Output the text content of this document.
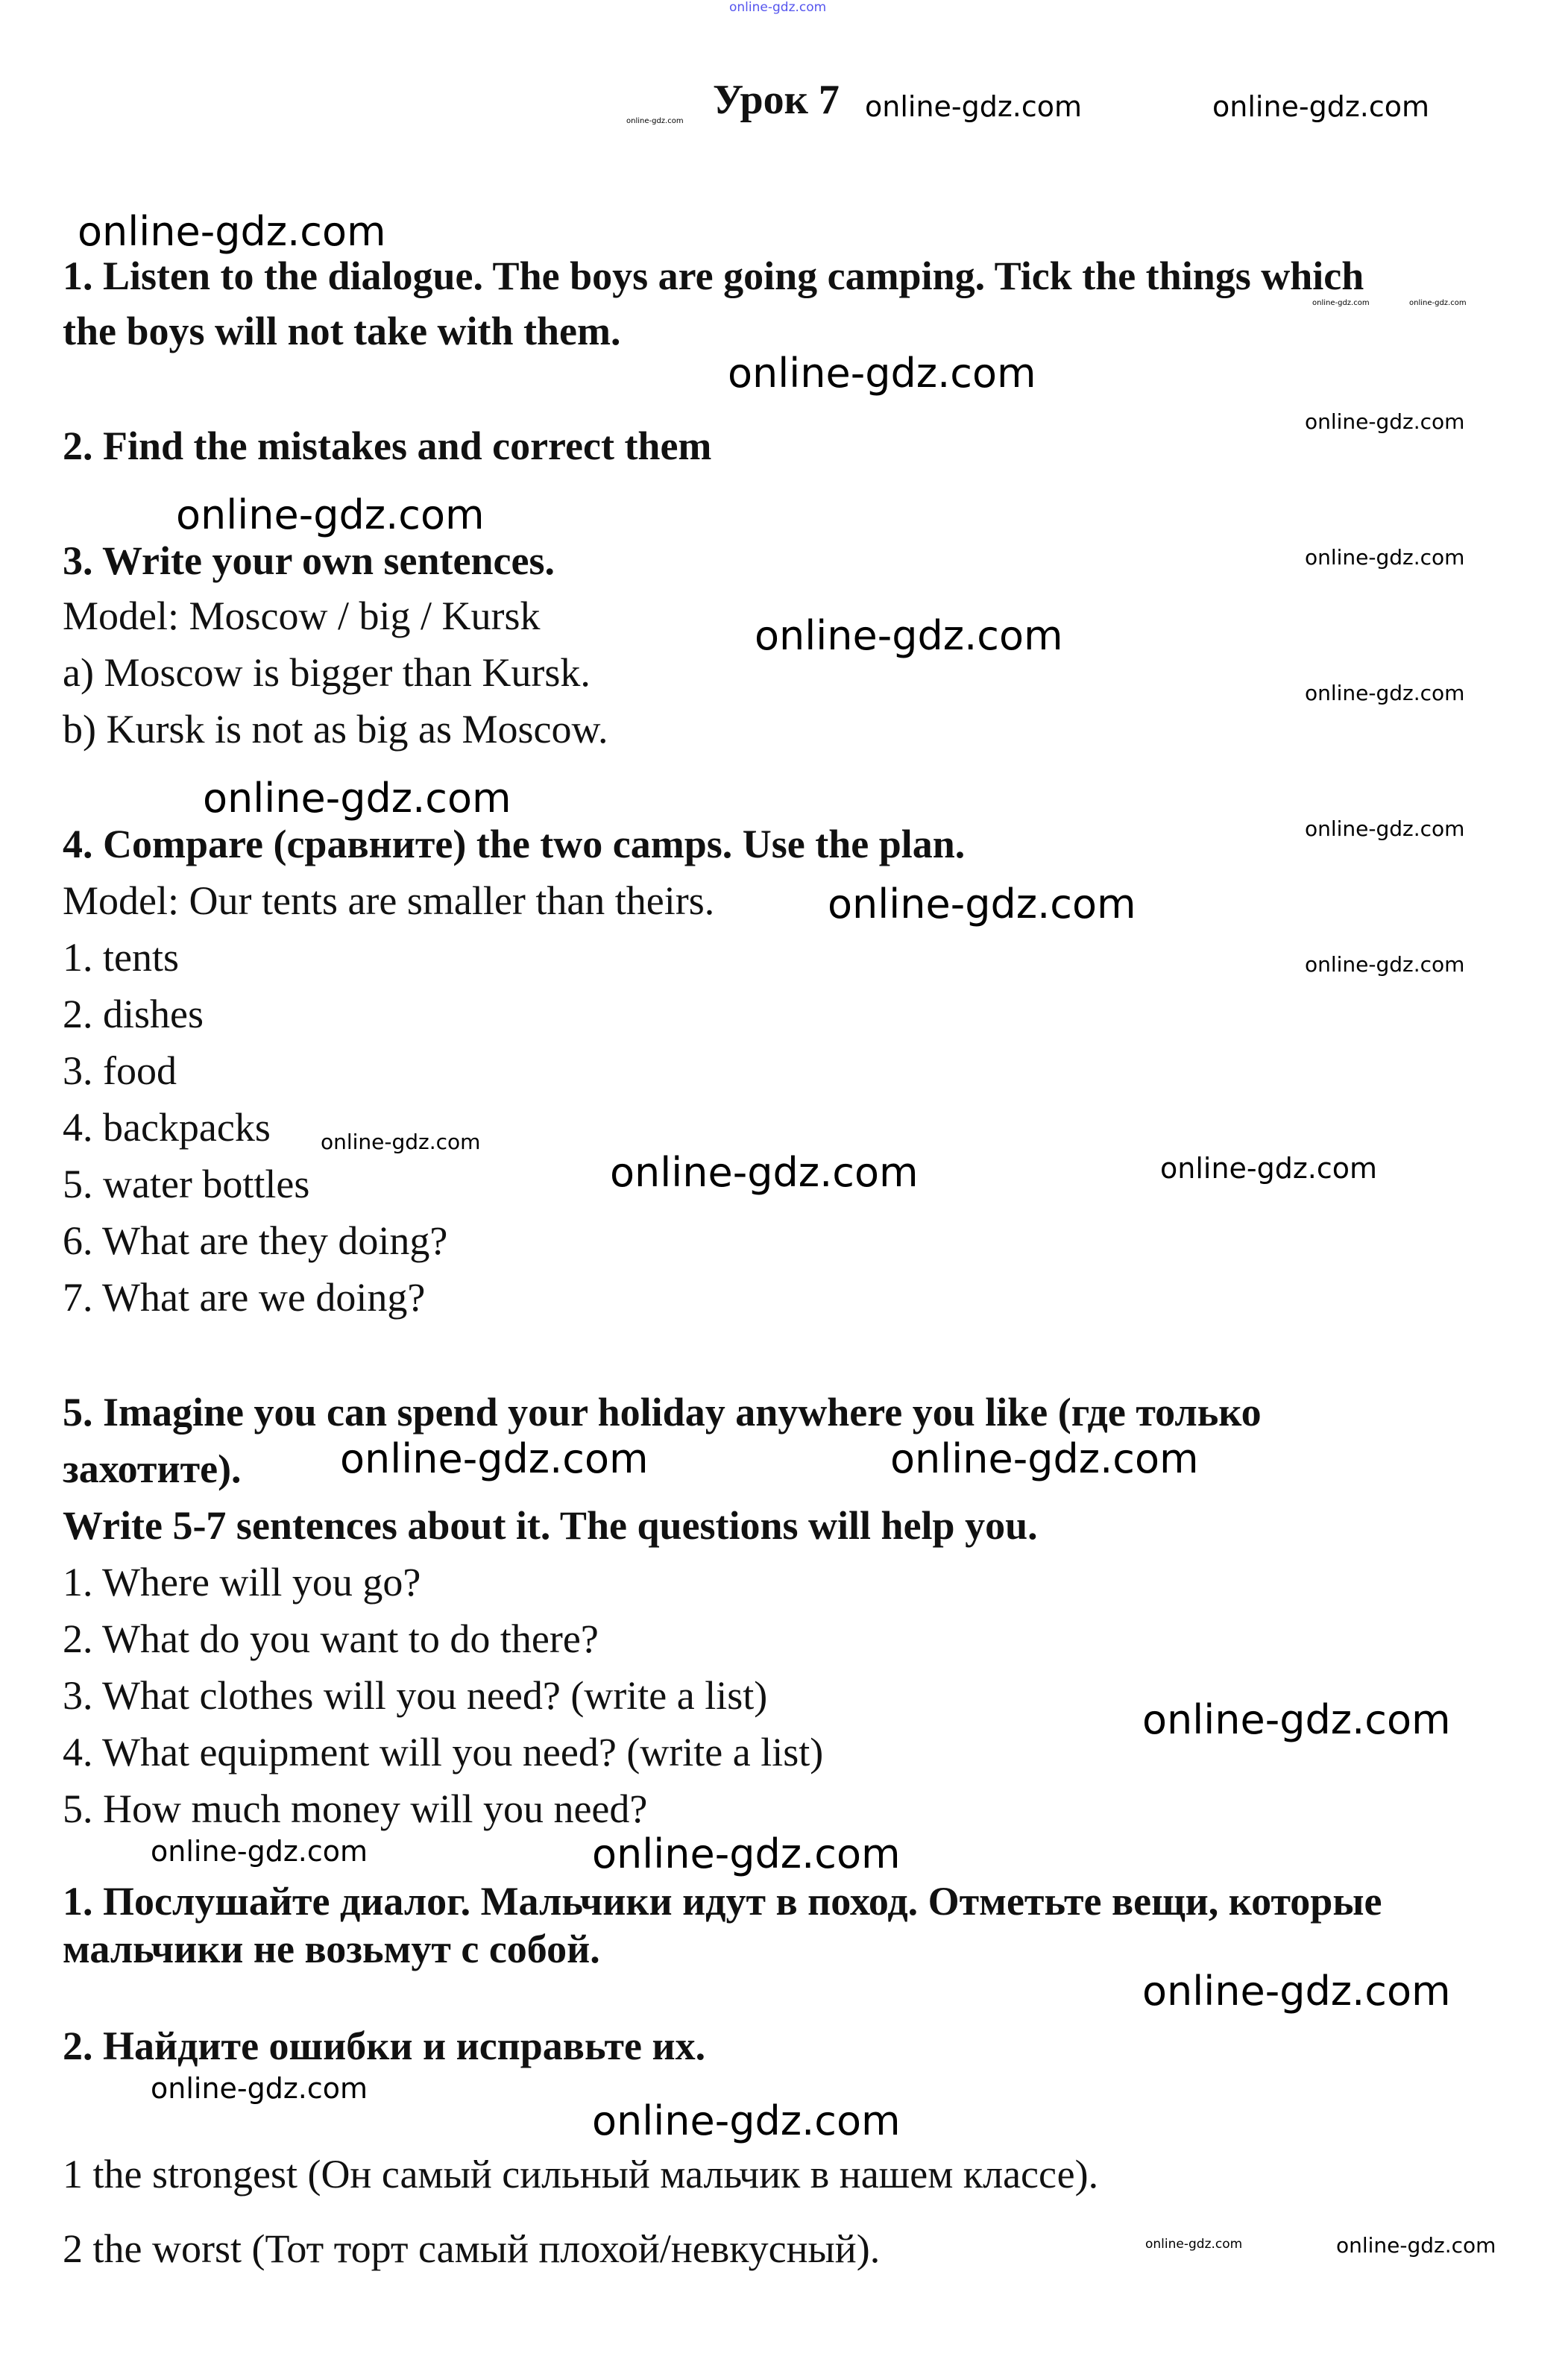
online-gdz.com
online-gdz.com	online-gdz.com	online-gdz.com
online-gdz.com
online-gdz.com	online-gdz.com
online-gdz.com
online-gdz.com
online-gdz.com
online-gdz.com
online-gdz.com
online-gdz.com
online-gdz.com
online-gdz.com
online-gdz.com
online-gdz.com
online-gdz.com
online-gdz.com	online-gdz.com
online-gdz.com	online-gdz.com
online-gdz.com
online-gdz.com	online-gdz.com
online-gdz.com
online-gdz.com
online-gdz.com
online-gdz.com	online-gdz.com
Урок 7
1. Listen to the dialogue. The boys are going camping. Tick the things which
the boys will not take with them.
2. Find the mistakes and correct them
3. Write your own sentences.
Model: Moscow / big / Kursk
a) Moscow is bigger than Kursk.
b) Kursk is not as big as Moscow.
4. Compare (сравните) the two camps. Use the plan.
Model: Our tents are smaller than theirs.
1. tents
2. dishes
3. food
4. backpacks
5. water bottles
6. What are they doing?
7. What are we doing?
5. Imagine you can spend your holiday anywhere you like (где только
захотите).
Write 5-7 sentences about it. The questions will help you.
1. Where will you go?
2. What do you want to do there?
3. What clothes will you need? (write a list)
4. What equipment will you need? (write a list)
5. How much money will you need?
1. Послушайте диалог. Мальчики идут в поход. Отметьте вещи, которые
мальчики не возьмут с собой.
2. Найдите ошибки и исправьте их.
1 the strongest (Он самый сильный мальчик в нашем классе).
2 the worst (Тот торт самый плохой/невкусный).
